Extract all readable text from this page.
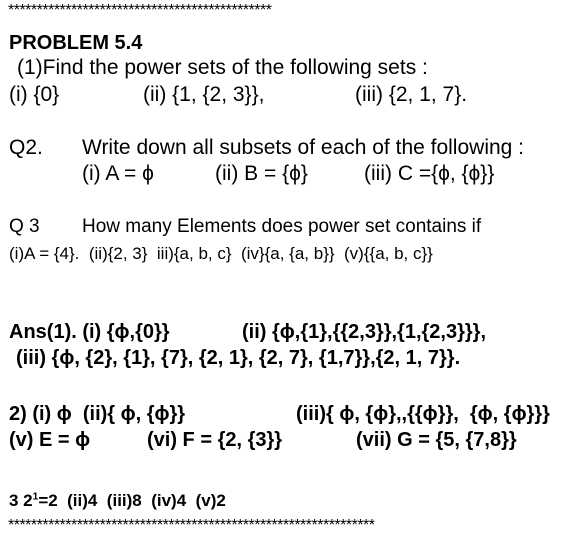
**********************************************
PROBLEM 5.4
(1)Find the power sets of the following sets :
(i) {0}	(ii) {1, {2, 3}},	(iii) {2, 1, 7}.
Q2. Write down all subsets of each of the following :
(i) A = ϕ	(ii) B = {ϕ}	(iii) C ={ϕ, {ϕ}}
Q 3 How many Elements does power set contains if
(i)A = {4}.  (ii){2, 3}  iii){a, b, c}  (iv}{a, {a, b}}  (v){{a, b, c}}
Ans(1). (i) {ϕ,{0}}	(ii) {ϕ,{1},{{2,3}},{1,{2,3}}},
(iii) {ϕ, {2}, {1}, {7}, {2, 1}, {2, 7}, {1,7}},{2, 1, 7}}.
2) (i) ϕ  (ii){ ϕ, {ϕ}}	(iii){ ϕ, {ϕ},,{{ϕ}},  {ϕ, {ϕ}}}
(v) E = ϕ	(vi) F = {2, {3}}	(vii) G = {5, {7,8}}
3 $2^1=2$  (ii)4  (iii)8  (iv)4  (v)2
****************************************************************
